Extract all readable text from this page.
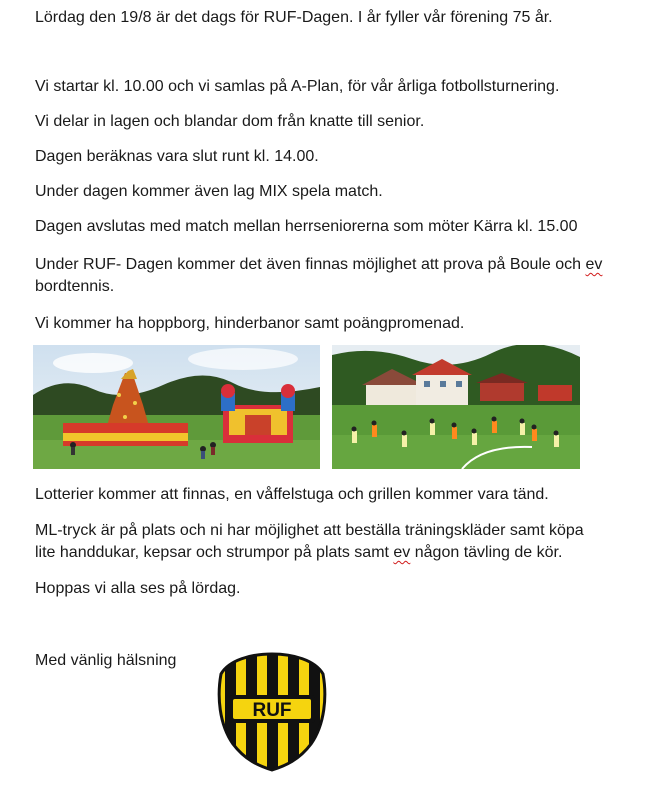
Lördag den 19/8 är det dags för RUF-Dagen. I år fyller vår förening 75 år.
Vi startar kl. 10.00 och vi samlas på A-Plan, för vår årliga fotbollsturnering.
Vi delar in lagen och blandar dom från knatte till senior.
Dagen beräknas vara slut runt kl. 14.00.
Under dagen kommer även lag MIX spela match.
Dagen avslutas med match mellan herrseniorerna som möter Kärra kl. 15.00
Under RUF- Dagen kommer det även finnas möjlighet att prova på Boule och ev
bordtennis.
Vi kommer ha hoppborg, hinderbanor samt poängpromenad.
Lotterier kommer att finnas, en våffelstuga och grillen kommer vara tänd.
ML-tryck är på plats och ni har möjlighet att beställa träningskläder samt köpa
lite handdukar, kepsar och strumpor på plats samt ev någon tävling de kör.
Hoppas vi alla ses på lördag.
Med vänlig hälsning
RUF
